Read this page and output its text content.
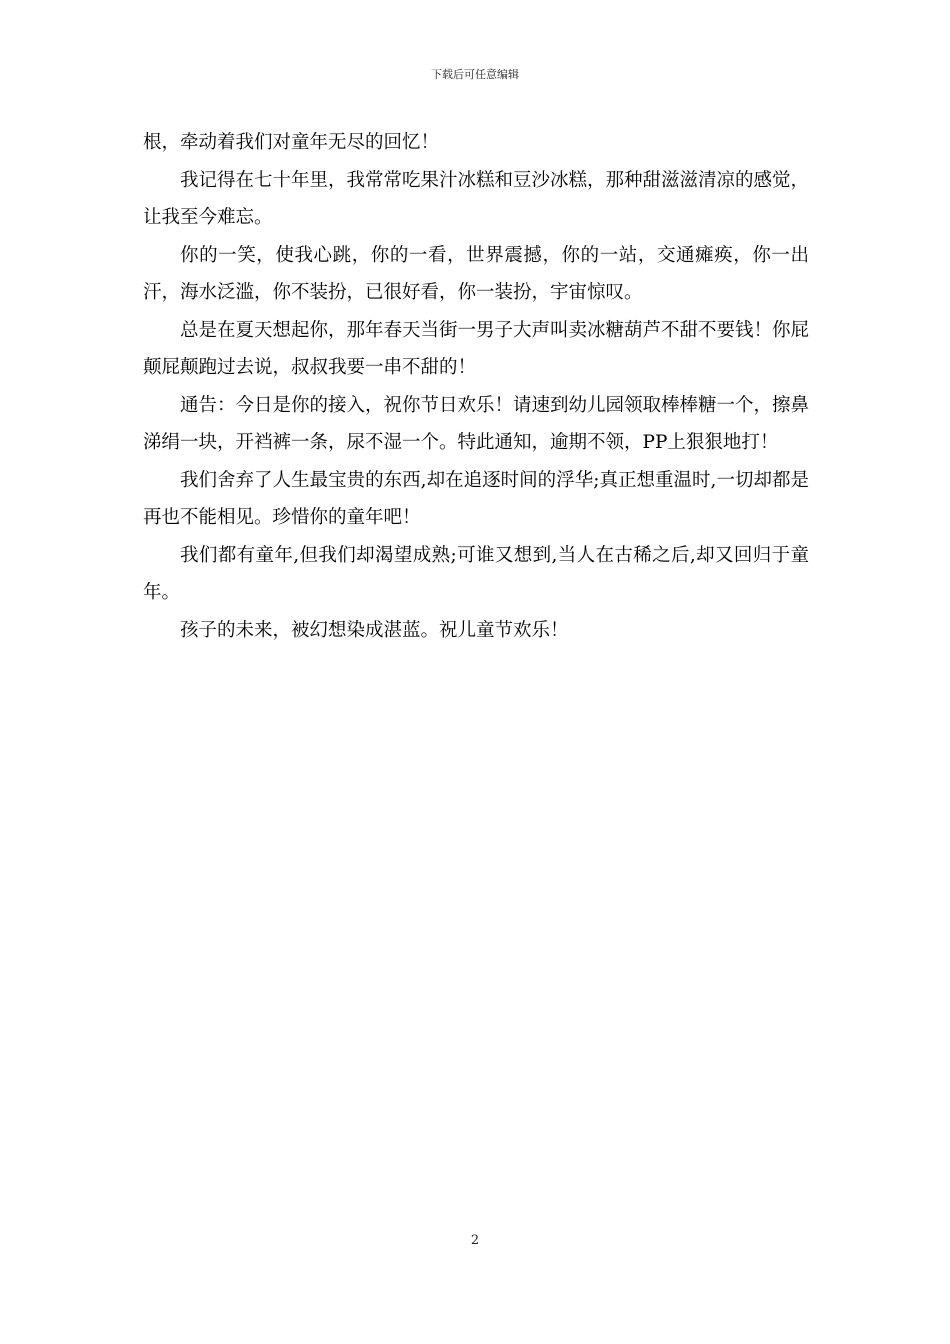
下载后可任意编辑

根，牵动着我们对童年无尽的回忆！

我记得在七十年里，我常常吃果汁冰糕和豆沙冰糕，那种甜滋滋清凉的感觉，让我至今难忘。

你的一笑，使我心跳，你的一看，世界震撼，你的一站，交通瘫痪，你一出汗，海水泛滥，你不装扮，已很好看，你一装扮，宇宙惊叹。

总是在夏天想起你，那年春天当街一男子大声叫卖冰糖葫芦不甜不要钱！你屁颠屁颠跑过去说，叔叔我要一串不甜的！

通告：今日是你的接入，祝你节日欢乐！请速到幼儿园领取棒棒糖一个，擦鼻涕绢一块，开裆裤一条，尿不湿一个。特此通知，逾期不领，PP上狠狠地打！

我们舍弃了人生最宝贵的东西,却在追逐时间的浮华;真正想重温时,一切却都是再也不能相见。珍惜你的童年吧！

我们都有童年,但我们却渴望成熟;可谁又想到,当人在古稀之后,却又回归于童年。

孩子的未来，被幻想染成湛蓝。祝儿童节欢乐！

2
